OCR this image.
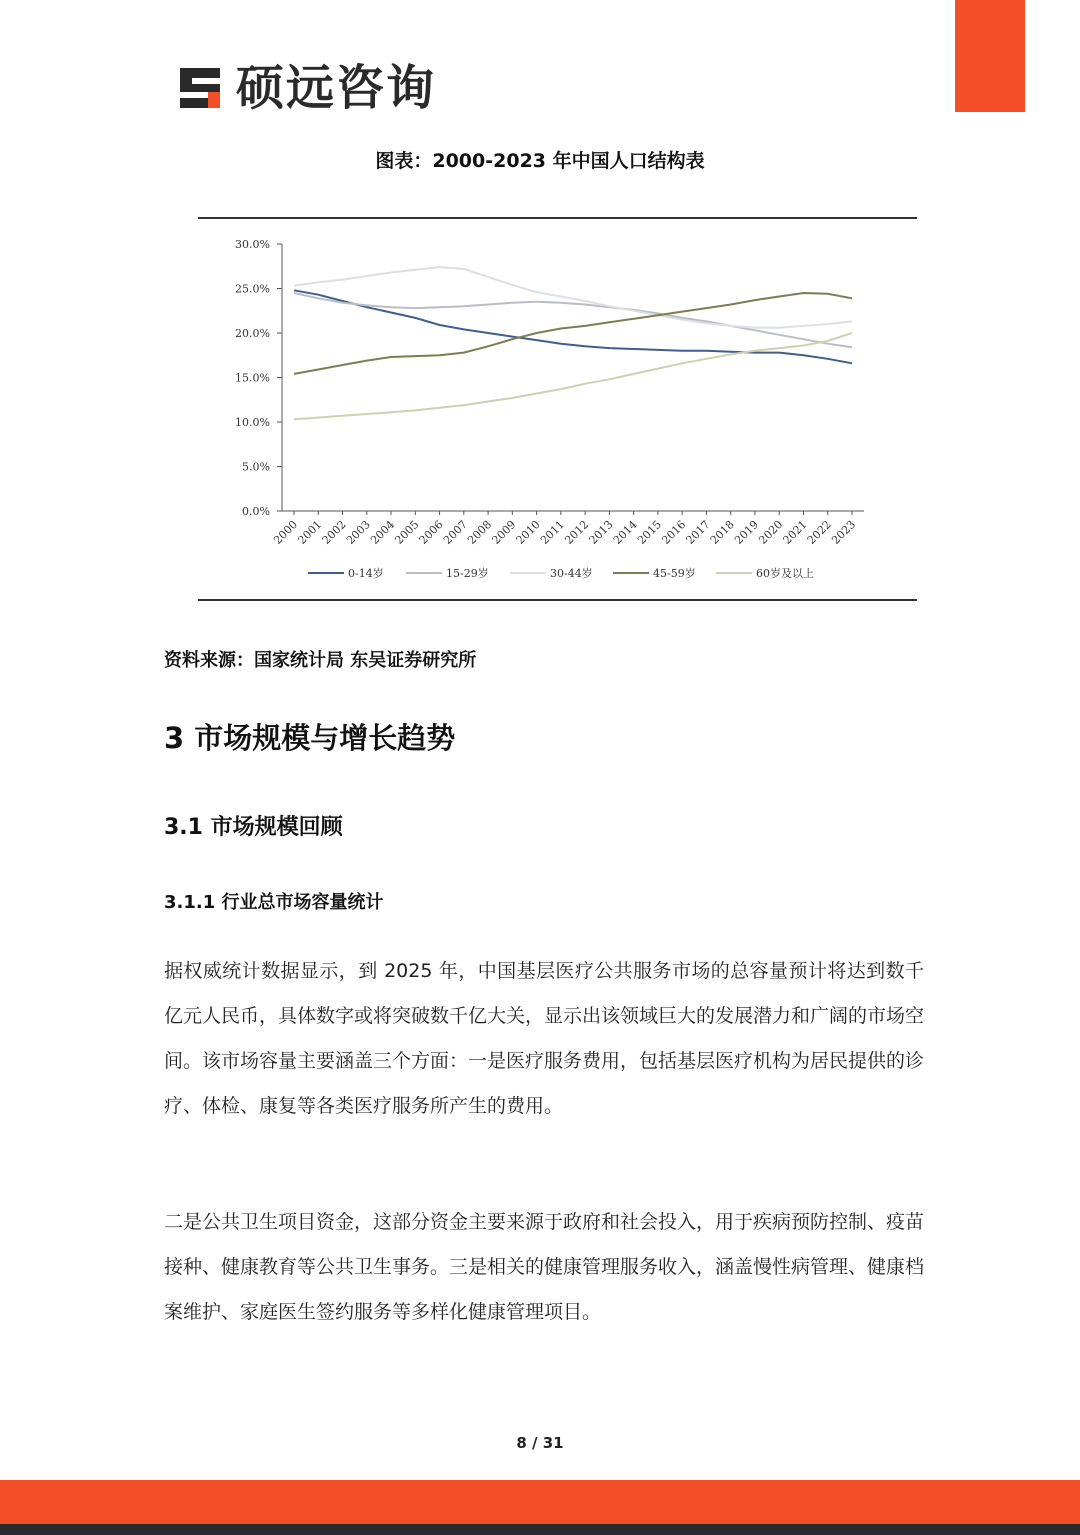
硕远咨询
图表：2000-2023 年中国人口结构表
0.0%
5.0%
10.0%
15.0%
20.0%
25.0%
30.0%
2000
2001
2002
2003
2004
2005
2006
2007
2008
2009
2010
2011
2012
2013
2014
2015
2016
2017
2018
2019
2020
2021
2022
2023
0-14岁	15-29岁	30-44岁	45-59岁	60岁及以上
资料来源：国家统计局 东吴证券研究所
3 市场规模与增长趋势
3.1 市场规模回顾
3.1.1 行业总市场容量统计

据权威统计数据显示，到 2025 年，中国基层医疗公共服务市场的总容量预计将达到数千亿元人民币，具体数字或将突破数千亿大关，显示出该领域巨大的发展潜力和广阔的市场空间。该市场容量主要涵盖三个方面：一是医疗服务费用，包括基层医疗机构为居民提供的诊疗、体检、康复等各类医疗服务所产生的费用。

二是公共卫生项目资金，这部分资金主要来源于政府和社会投入，用于疾病预防控制、疫苗接种、健康教育等公共卫生事务。三是相关的健康管理服务收入，涵盖慢性病管理、健康档案维护、家庭医生签约服务等多样化健康管理项目。

8 / 31
